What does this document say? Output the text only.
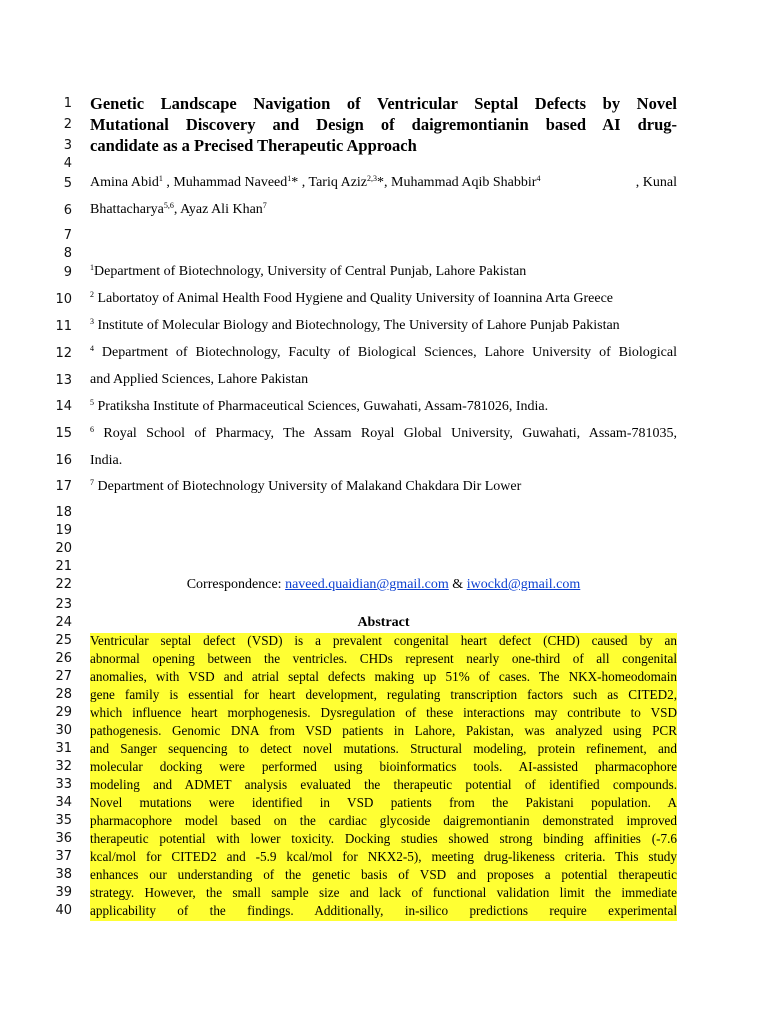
1
2
3
4
5
6
7
8
9
10
11
12
13
14
15
16
17
18
19
20
21
22
23
24
25
26
27
28
29
30
31
32
33
34
35
36
37
38
39
40
Genetic Landscape Navigation of Ventricular Septal Defects by Novel
Mutational Discovery and Design of daigremontianin based AI drug-
candidate as a Precised Therapeutic Approach
Amina Abid$^1$ , Muhammad Naveed$^1$* , Tariq Aziz$^{2,3}$*, Muhammad Aqib Shabbir$^4$	, Kunal
Bhattacharya$^{5,6}$, Ayaz Ali Khan$^7$
$^1$Department of Biotechnology, University of Central Punjab, Lahore Pakistan
$^2$ Labortatoy of Animal Health Food Hygiene and Quality University of Ioannina Arta Greece
$^3$ Institute of Molecular Biology and Biotechnology, The University of Lahore Punjab Pakistan
$^4$ Department of Biotechnology, Faculty of Biological Sciences, Lahore University of Biological
and Applied Sciences, Lahore Pakistan
$^5$ Pratiksha Institute of Pharmaceutical Sciences, Guwahati, Assam-781026, India.
$^6$ Royal School of Pharmacy, The Assam Royal Global University, Guwahati, Assam-781035,
India.
$^7$ Department of Biotechnology University of Malakand Chakdara Dir Lower
Correspondence: naveed.quaidian@gmail.com & iwockd@gmail.com
Abstract
Ventricular septal defect (VSD) is a prevalent congenital heart defect (CHD) caused by an
abnormal opening between the ventricles. CHDs represent nearly one-third of all congenital
anomalies, with VSD and atrial septal defects making up 51% of cases. The NKX-homeodomain
gene family is essential for heart development, regulating transcription factors such as CITED2,
which influence heart morphogenesis. Dysregulation of these interactions may contribute to VSD
pathogenesis. Genomic DNA from VSD patients in Lahore, Pakistan, was analyzed using PCR
and Sanger sequencing to detect novel mutations. Structural modeling, protein refinement, and
molecular docking were performed using bioinformatics tools. AI-assisted pharmacophore
modeling and ADMET analysis evaluated the therapeutic potential of identified compounds.
Novel mutations were identified in VSD patients from the Pakistani population. A
pharmacophore model based on the cardiac glycoside daigremontianin demonstrated improved
therapeutic potential with lower toxicity. Docking studies showed strong binding affinities (-7.6
kcal/mol for CITED2 and -5.9 kcal/mol for NKX2-5), meeting drug-likeness criteria. This study
enhances our understanding of the genetic basis of VSD and proposes a potential therapeutic
strategy. However, the small sample size and lack of functional validation limit the immediate
applicability of the findings. Additionally, in-silico predictions require experimental
